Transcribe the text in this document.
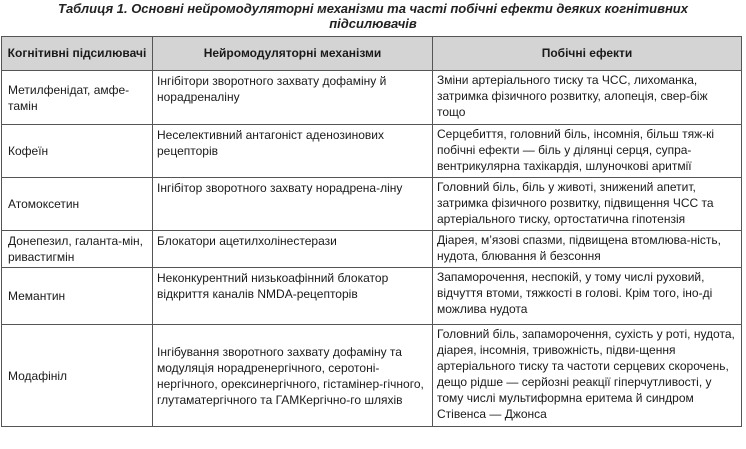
Таблиця 1. Основні нейромодуляторні механізми та часті побічні ефекти деяких когнітивних
підсилювачів
Когнітивні підсилювачі	Нейромодуляторні механізми	Побічні ефекти
Метилфенідат, амфе-тамін	Інгібітори зворотного захвату дофаміну й норадреналіну	Зміни артеріального тиску та ЧСС, лихоманка, затримка фізичного розвитку, алопеція, свер-біж тощо
Кофеїн	Неселективний антагоніст аденозинових рецепторів	Серцебиття, головний біль, інсомнія, більш тяж-кі побічні ефекти — біль у ділянці серця, супра-вентрикулярна тахікардія, шлуночкові аритмії
Атомоксетин	Інгібітор зворотного захвату норадрена-ліну	Головний біль, біль у животі, знижений апетит, затримка фізичного розвитку, підвищення ЧСС та артеріального тиску, ортостатична гіпотензія
Донепезил, галанта-мін, ривастигмін	Блокатори ацетилхолінестерази	Діарея, м’язові спазми, підвищена втомлюва-ність, нудота, блювання й безсоння
Мемантин	Неконкурентний низькоафінний блокатор відкриття каналів NMDA-рецепторів	Запаморочення, неспокій, у тому числі руховий, відчуття втоми, тяжкості в голові. Крім того, іно-ді можлива нудота
Модафініл	Інгібування зворотного захвату дофаміну та модуляція норадренергічного, серотоні-нергічного, орексинергічного, гістамінер-гічного, глутаматергічного та ГАМКергічно-го шляхів	Головний біль, запаморочення, сухість у роті, нудота, діарея, інсомнія, тривожність, підви-щення артеріального тиску та частоти серцевих скорочень, дещо рідше — серйозні реакції гіперчутливості, у тому числі мультиформна еритема й синдром Стівенса — Джонса
